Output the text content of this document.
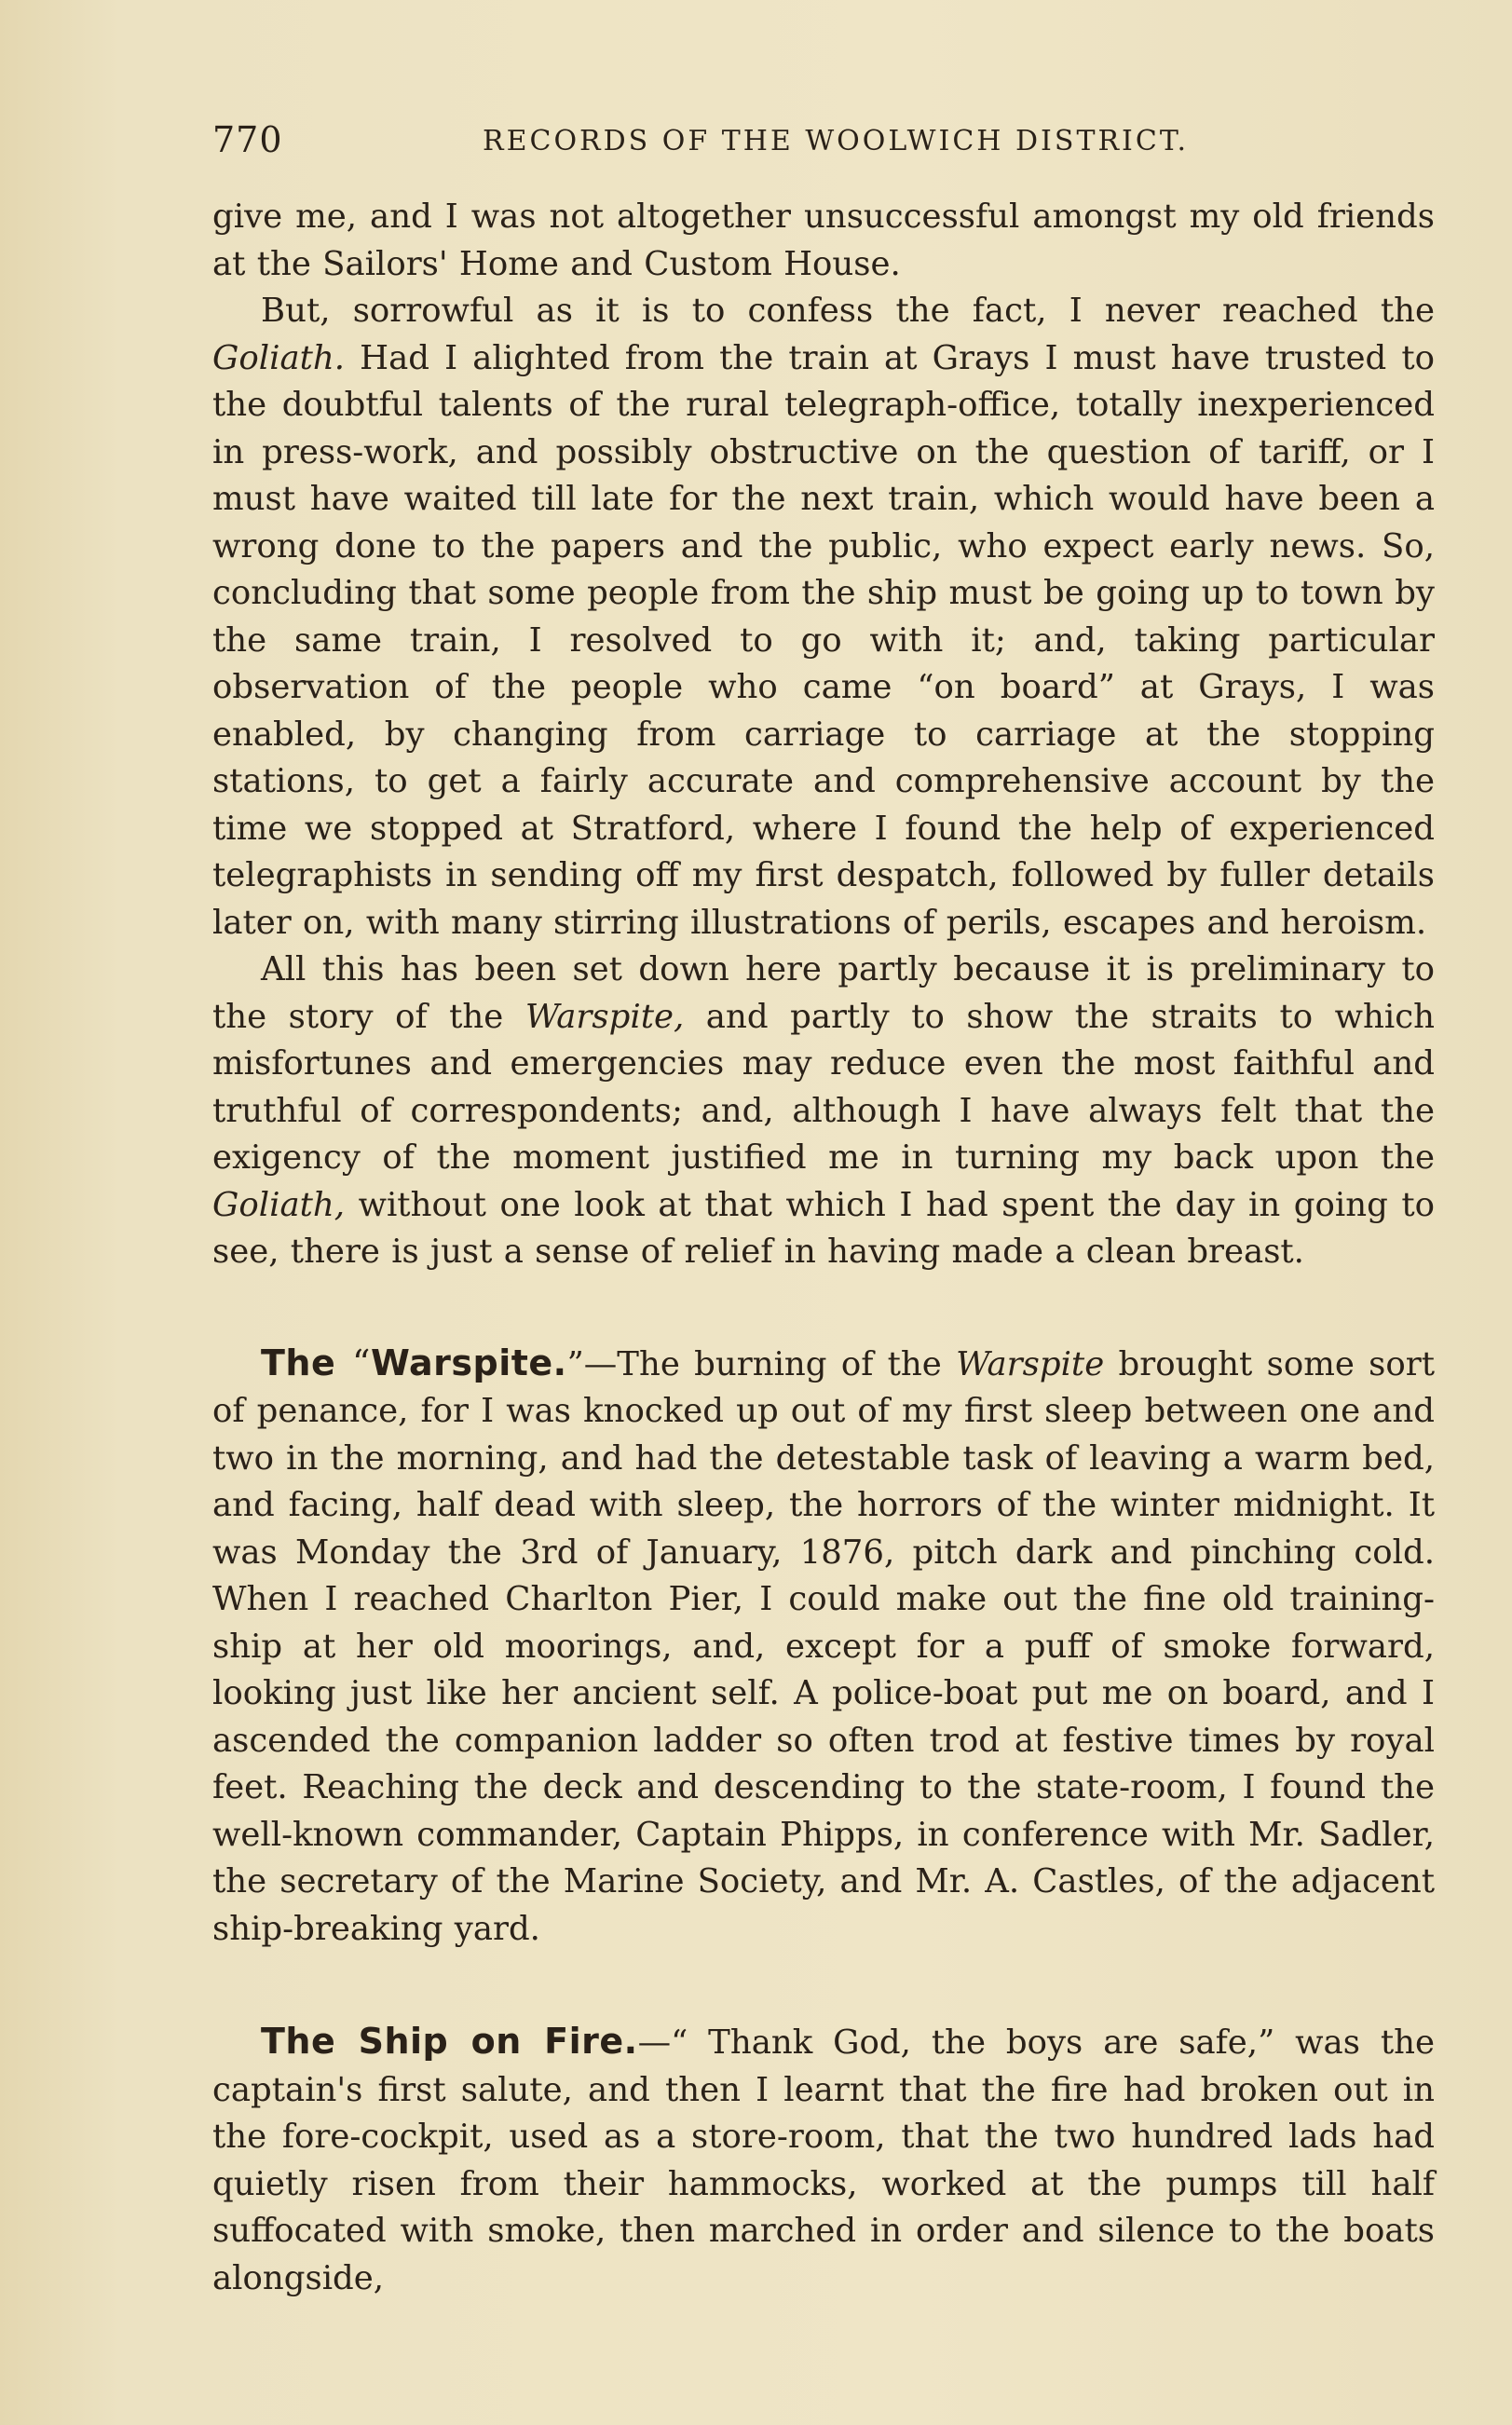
770	RECORDS OF THE WOOLWICH DISTRICT.

give me, and I was not altogether unsuccessful amongst my old friends at the Sailors' Home and Custom House.

But, sorrowful as it is to confess the fact, I never reached the Goliath. Had I alighted from the train at Grays I must have trusted to the doubtful talents of the rural telegraph-office, totally inexperienced in press-work, and possibly obstructive on the question of tariff, or I must have waited till late for the next train, which would have been a wrong done to the papers and the public, who expect early news. So, concluding that some people from the ship must be going up to town by the same train, I resolved to go with it; and, taking particular observation of the people who came “on board” at Grays, I was enabled, by changing from carriage to carriage at the stopping stations, to get a fairly accurate and comprehensive account by the time we stopped at Stratford, where I found the help of experienced telegraphists in sending off my first despatch, followed by fuller details later on, with many stirring illustrations of perils, escapes and heroism.

All this has been set down here partly because it is preliminary to the story of the Warspite, and partly to show the straits to which misfortunes and emergencies may reduce even the most faithful and truthful of correspondents; and, although I have always felt that the exigency of the moment justified me in turning my back upon the Goliath, without one look at that which I had spent the day in going to see, there is just a sense of relief in having made a clean breast.

The “Warspite.”—The burning of the Warspite brought some sort of penance, for I was knocked up out of my first sleep between one and two in the morning, and had the detestable task of leaving a warm bed, and facing, half dead with sleep, the horrors of the winter midnight. It was Monday the 3rd of January, 1876, pitch dark and pinching cold. When I reached Charlton Pier, I could make out the fine old training-ship at her old moorings, and, except for a puff of smoke forward, looking just like her ancient self. A police-boat put me on board, and I ascended the companion ladder so often trod at festive times by royal feet. Reaching the deck and descending to the state-room, I found the well-known commander, Captain Phipps, in conference with Mr. Sadler, the secretary of the Marine Society, and Mr. A. Castles, of the adjacent ship-breaking yard.

The Ship on Fire.—“ Thank God, the boys are safe,” was the captain's first salute, and then I learnt that the fire had broken out in the fore-cockpit, used as a store-room, that the two hundred lads had quietly risen from their hammocks, worked at the pumps till half suffocated with smoke, then marched in order and silence to the boats alongside,
